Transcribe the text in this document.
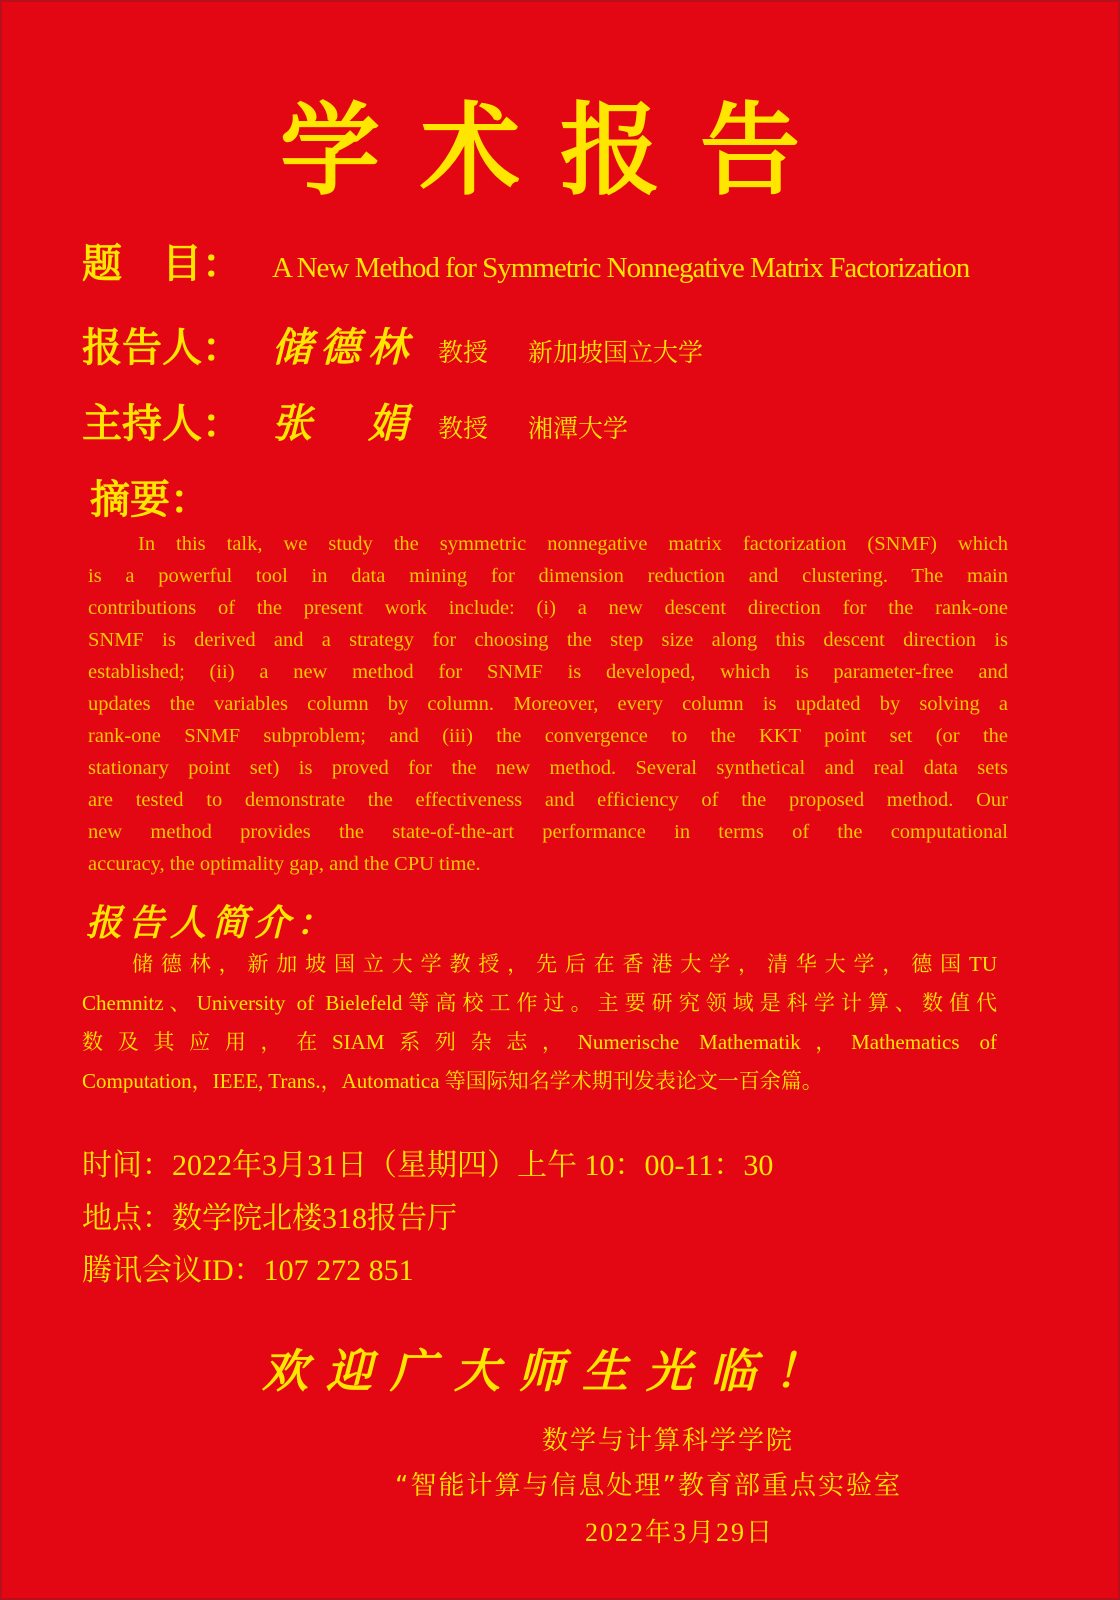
学术报告
题　目： A New Method for Symmetric Nonnegative Matrix Factorization
报告人： 储德林 教授 新加坡国立大学
主持人： 张　娟 教授 湘潭大学
摘要：
In this talk, we study the symmetric nonnegative matrix factorization (SNMF) which
is a powerful tool in data mining for dimension reduction and clustering. The main
contributions of the present work include: (i) a new descent direction for the rank-one
SNMF is derived and a strategy for choosing the step size along this descent direction is
established; (ii) a new method for SNMF is developed, which is parameter-free and
updates the variables column by column. Moreover, every column is updated by solving a
rank-one SNMF subproblem; and (iii) the convergence to the KKT point set (or the
stationary point set) is proved for the new method. Several synthetical and real data sets
are tested to demonstrate the effectiveness and efficiency of the proposed method. Our
new method provides the state-of-the-art performance in terms of the computational
accuracy, the optimality gap, and the CPU time.
报告人简介：
储德林，新加坡国立大学教授，先后在香港大学，清华大学，德国TU
Chemnitz、University of Bielefeld等高校工作过。主要研究领域是科学计算、数值代
数及其应用，在SIAM系列杂志，Numerische Mathematik，Mathematics of
Computation，IEEE, Trans.，Automatica 等国际知名学术期刊发表论文一百余篇。
时间：2022年3月31日（星期四）上午 10：00-11：30
地点：数学院北楼318报告厅
腾讯会议ID：107 272 851
欢迎广大师生光临！
数学与计算科学学院
“智能计算与信息处理”教育部重点实验室
2022年3月29日
